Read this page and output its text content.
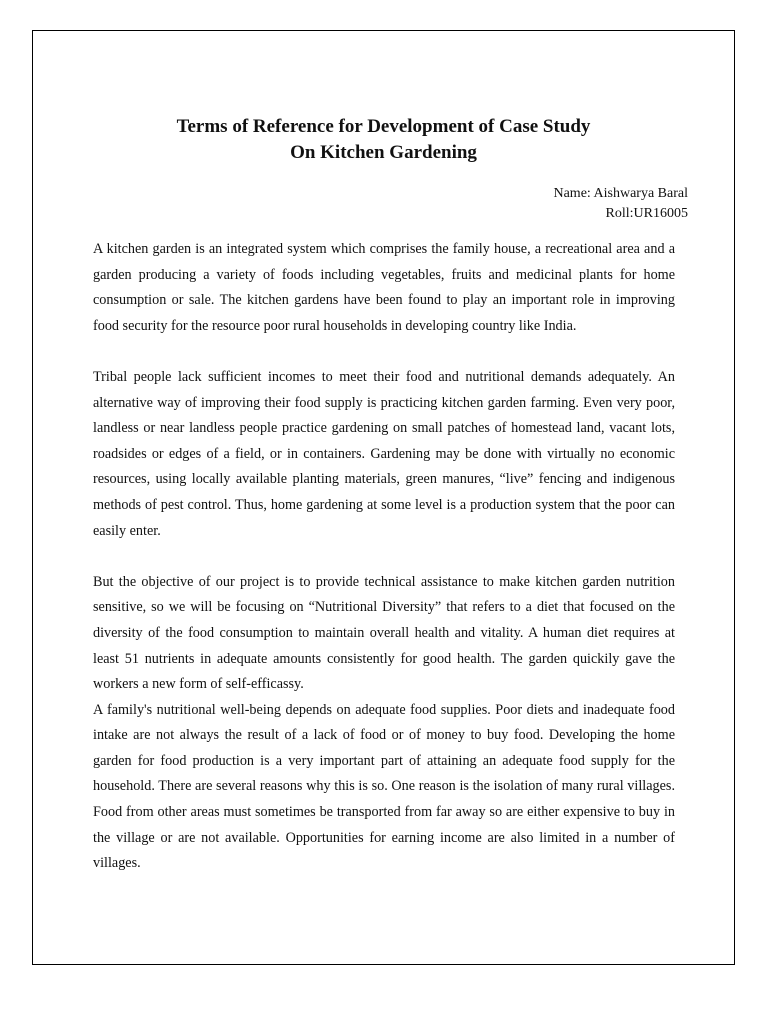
Terms of Reference for Development of Case Study
On Kitchen Gardening
Name: Aishwarya Baral
Roll:UR16005

A kitchen garden is an integrated system which comprises the family house, a recreational area and a garden producing a variety of foods including vegetables, fruits and medicinal plants for home consumption or sale. The kitchen gardens have been found to play an important role in improving food security for the resource poor rural households in developing country like India.

Tribal people lack sufficient incomes to meet their food and nutritional demands adequately. An alternative way of improving their food supply is practicing kitchen garden farming. Even very poor, landless or near landless people practice gardening on small patches of homestead land, vacant lots, roadsides or edges of a field, or in containers. Gardening may be done with virtually no economic resources, using locally available planting materials, green manures, “live” fencing and indigenous methods of pest control. Thus, home gardening at some level is a production system that the poor can easily enter.

But the objective of our project is to provide technical assistance to make kitchen garden nutrition sensitive, so we will be focusing on “Nutritional Diversity” that refers to a diet that focused on the diversity of the food consumption to maintain overall health and vitality. A human diet requires at least 51 nutrients in adequate amounts consistently for good health. The garden quickily gave the workers a new form of self-efficassy.

A family's nutritional well-being depends on adequate food supplies. Poor diets and inadequate food intake are not always the result of a lack of food or of money to buy food. Developing the home garden for food production is a very important part of attaining an adequate food supply for the household. There are several reasons why this is so. One reason is the isolation of many rural villages. Food from other areas must sometimes be transported from far away so are either expensive to buy in the village or are not available. Opportunities for earning income are also limited in a number of villages.
